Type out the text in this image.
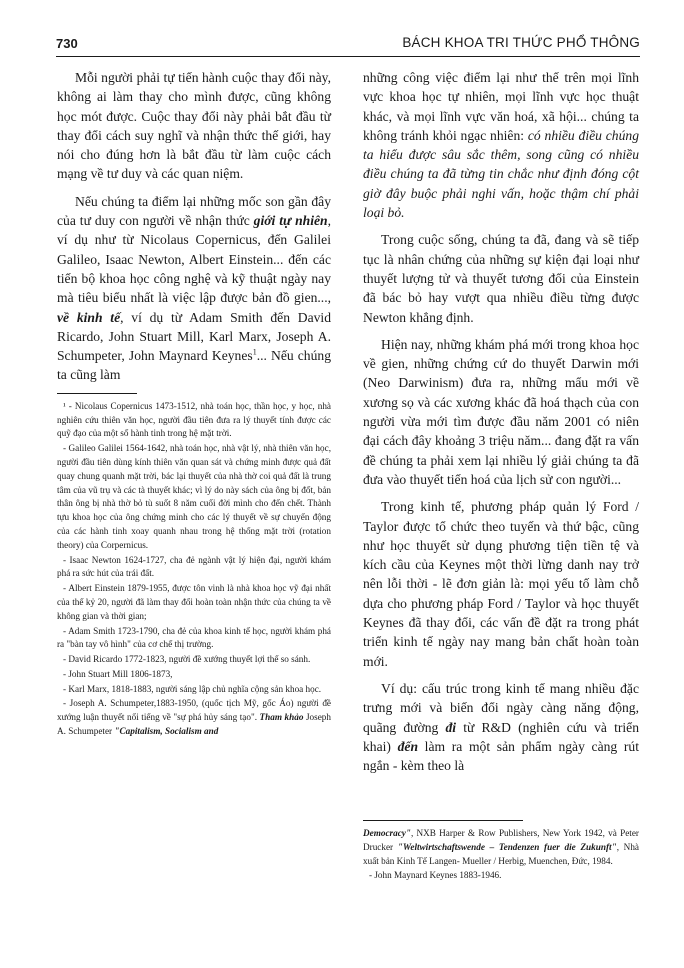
730	BÁCH KHOA TRI THỨC PHỔ THÔNG

Mỗi người phải tự tiến hành cuộc thay đổi này, không ai làm thay cho mình được, cũng không học mót được. Cuộc thay đổi này phải bắt đầu từ thay đổi cách suy nghĩ và nhận thức thế giới, hay nói cho đúng hơn là bắt đầu từ làm cuộc cách mạng về tư duy và các quan niệm.

Nếu chúng ta điểm lại những mốc son gần đây của tư duy con người về nhận thức giới tự nhiên, ví dụ như từ Nicolaus Copernicus, đến Galilei Galileo, Isaac Newton, Albert Einstein... đến các tiến bộ khoa học công nghệ và kỹ thuật ngày nay mà tiêu biểu nhất là việc lập được bản đồ gien..., về kinh tế, ví dụ từ Adam Smith đến David Ricardo, John Stuart Mill, Karl Marx, Joseph A. Schumpeter, John Maynard Keynes$^1$... Nếu chúng ta cũng làm

¹ - Nicolaus Copernicus 1473-1512, nhà toán học, thần học, y học, nhà nghiên cứu thiên văn học, người đầu tiên đưa ra lý thuyết tính được các quỹ đạo của một số hành tinh trong hệ mặt trời.

- Galileo Galilei 1564-1642, nhà toán học, nhà vật lý, nhà thiên văn học, người đầu tiên dùng kính thiên văn quan sát và chứng minh được quả đất quay chung quanh mặt trời, bác lại thuyết của nhà thờ coi quả đất là trung tâm của vũ trụ và các tà thuyết khác; vì lý do này sách của ông bị đốt, bản thân ông bị nhà thờ bỏ tù suốt 8 năm cuối đời mình cho đến chết. Thành tựu khoa học của ông chứng minh cho các lý thuyết về sự chuyển động của các hành tinh xoay quanh nhau trong hệ thống mặt trời (rotation theory) của Corpernicus.

- Isaac Newton 1624-1727, cha đẻ ngành vật lý hiện đại, người khám phá ra sức hút của trái đất.

- Albert Einstein 1879-1955, được tôn vinh là nhà khoa học vỹ đại nhất của thế kỷ 20, người đã làm thay đổi hoàn toàn nhận thức của chúng ta về không gian và thời gian;

- Adam Smith 1723-1790, cha đẻ của khoa kinh tế học, người khám phá ra "bàn tay vô hình" của cơ chế thị trường.

- David Ricardo 1772-1823, người đề xướng thuyết lợi thế so sánh.

- John Stuart Mill 1806-1873,

- Karl Marx, 1818-1883, người sáng lập chủ nghĩa cộng sản khoa học.

- Joseph A. Schumpeter,1883-1950, (quốc tịch Mỹ, gốc Áo) người đề xướng luận thuyết nổi tiếng về "sự phá hủy sáng tạo". Tham khảo Joseph A. Schumpeter "Capitalism, Socialism and

những công việc điểm lại như thế trên mọi lĩnh vực khoa học tự nhiên, mọi lĩnh vực học thuật khác, và mọi lĩnh vực văn hoá, xã hội... chúng ta không tránh khỏi ngạc nhiên: có nhiều điều chúng ta hiểu được sâu sắc thêm, song cũng có nhiều điều chúng ta đã từng tin chắc như định đóng cột giờ đây buộc phải nghi vấn, hoặc thậm chí phải loại bỏ.

Trong cuộc sống, chúng ta đã, đang và sẽ tiếp tục là nhân chứng của những sự kiện đại loại như thuyết lượng tử và thuyết tương đối của Einstein đã bác bỏ hay vượt qua nhiều điều từng được Newton khẳng định.

Hiện nay, những khám phá mới trong khoa học về gien, những chứng cứ do thuyết Darwin mới (Neo Darwinism) đưa ra, những mẩu mới về xương sọ và các xương khác đã hoá thạch của con người vừa mới tìm được đầu năm 2001 có niên đại cách đây khoảng 3 triệu năm... đang đặt ra vấn đề chúng ta phải xem lại nhiều lý giải chúng ta đã đưa vào thuyết tiến hoá của lịch sử con người...

Trong kinh tế, phương pháp quản lý Ford / Taylor được tổ chức theo tuyến và thứ bậc, cũng như học thuyết sử dụng phương tiện tiền tệ và kích cầu của Keynes một thời lừng danh nay trở nên lỗi thời - lẽ đơn giản là: mọi yếu tố làm chỗ dựa cho phương pháp Ford / Taylor và học thuyết Keynes đã thay đổi, các vấn đề đặt ra trong phát triển kinh tế ngày nay mang bản chất hoàn toàn mới.

Ví dụ: cấu trúc trong kinh tế mang nhiều đặc trưng mới và biến đổi ngày càng năng động, quãng đường đi từ R&D (nghiên cứu và triển khai) đến làm ra một sản phẩm ngày càng rút ngắn - kèm theo là

Democracy", NXB Harper & Row Publishers, New York 1942, và Peter Drucker "Weltwirtschaftswende – Tendenzen fuer die Zukunft", Nhà xuất bản Kinh Tế Langen- Mueller / Herbig, Muenchen, Đức, 1984.

- John Maynard Keynes 1883-1946.
